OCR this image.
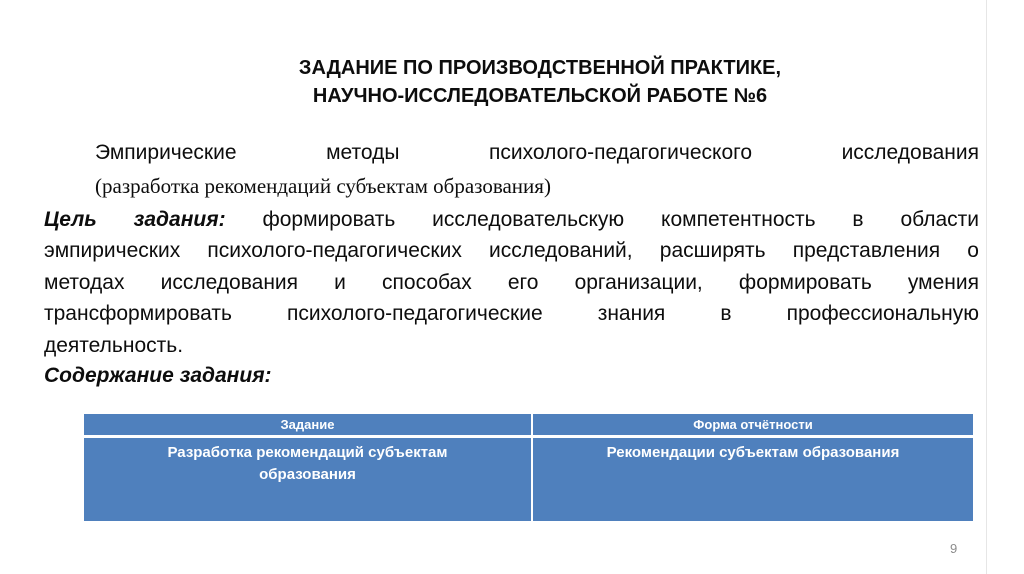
ЗАДАНИЕ ПО ПРОИЗВОДСТВЕННОЙ ПРАКТИКЕ,
НАУЧНО-ИССЛЕДОВАТЕЛЬСКОЙ РАБОТЕ №6
Эмпирические методы психолого-педагогического исследования
(разработка рекомендаций субъектам образования)
Цель задания: формировать исследовательскую компетентность в области
эмпирических психолого-педагогических исследований, расширять представления о
методах исследования и способах его организации, формировать умения
трансформировать психолого-педагогические знания в профессиональную
деятельность.
Содержание задания:
Задание	Форма отчётности
Разработка рекомендаций субъектам образования
Рекомендации субъектам образования
9
